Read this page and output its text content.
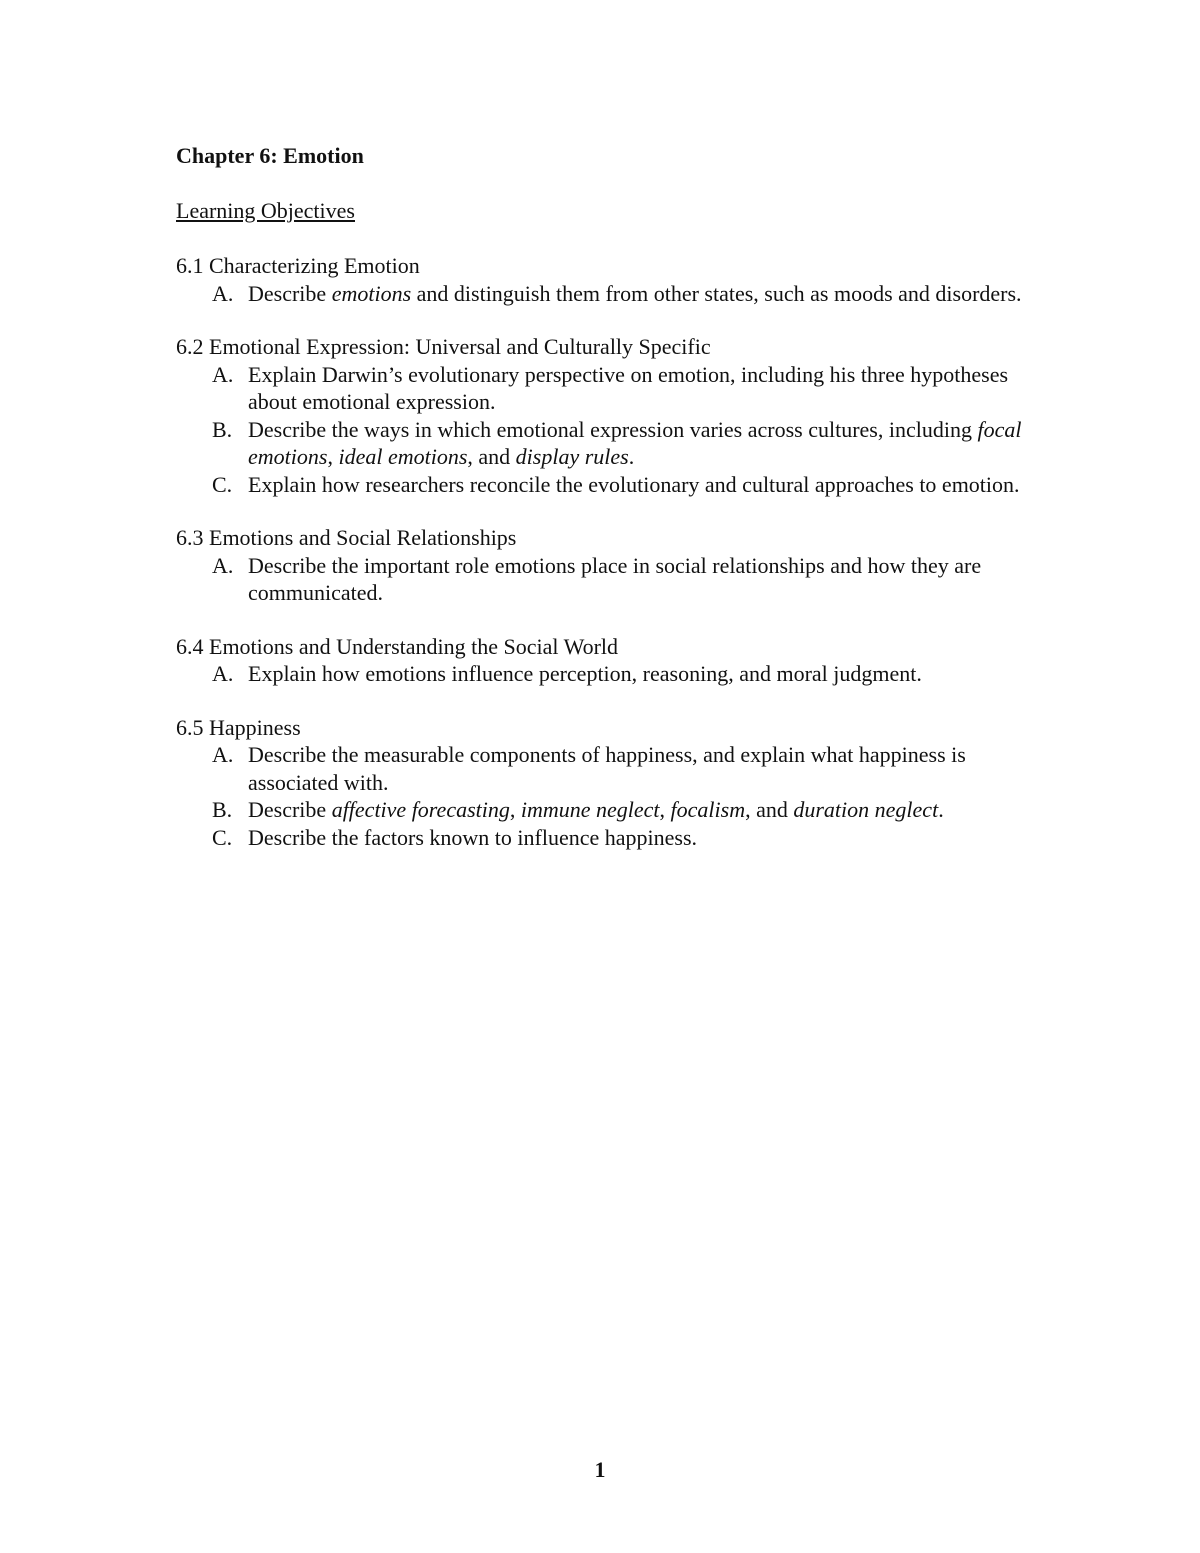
Chapter 6: Emotion
Learning Objectives
6.1 Characterizing Emotion
A. Describe emotions and distinguish them from other states, such as moods and disorders.
6.2 Emotional Expression: Universal and Culturally Specific
A. Explain Darwin’s evolutionary perspective on emotion, including his three hypotheses about emotional expression.
B. Describe the ways in which emotional expression varies across cultures, including focal emotions, ideal emotions, and display rules.
C. Explain how researchers reconcile the evolutionary and cultural approaches to emotion.
6.3 Emotions and Social Relationships
A. Describe the important role emotions place in social relationships and how they are communicated.
6.4 Emotions and Understanding the Social World
A. Explain how emotions influence perception, reasoning, and moral judgment.
6.5 Happiness
A. Describe the measurable components of happiness, and explain what happiness is associated with.
B. Describe affective forecasting, immune neglect, focalism, and duration neglect.
C. Describe the factors known to influence happiness.
1
